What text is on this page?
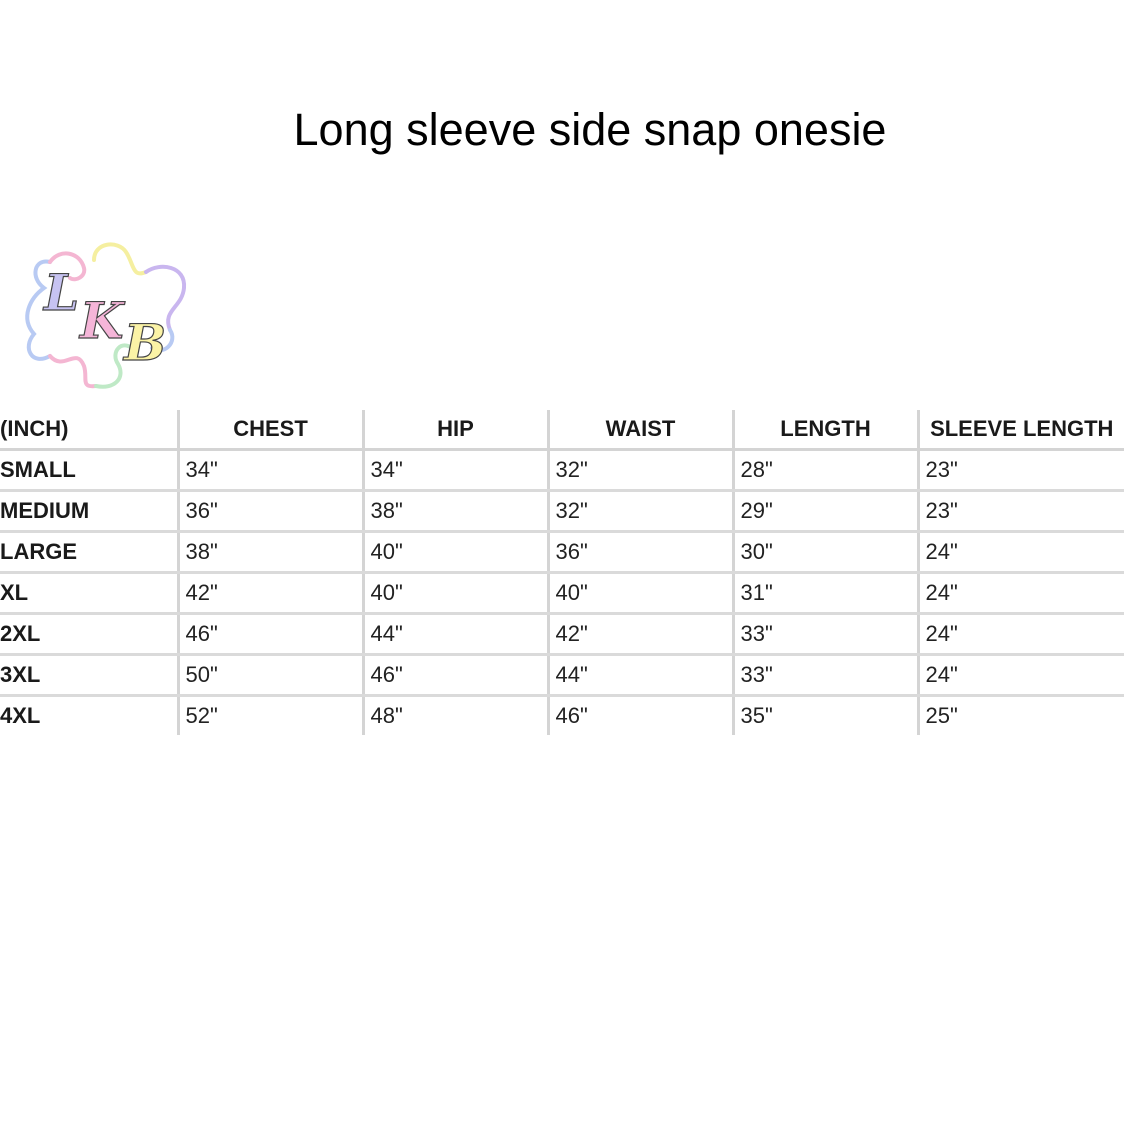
Long sleeve side snap onesie
L K B
(INCH)	CHEST	HIP	WAIST	LENGTH	SLEEVE LENGTH
SMALL	34"	34"	32"	28"	23"
MEDIUM	36"	38"	32"	29"	23"
LARGE	38"	40"	36"	30"	24"
XL	42"	40"	40"	31"	24"
2XL	46"	44"	42"	33"	24"
3XL	50"	46"	44"	33"	24"
4XL	52"	48"	46"	35"	25"
